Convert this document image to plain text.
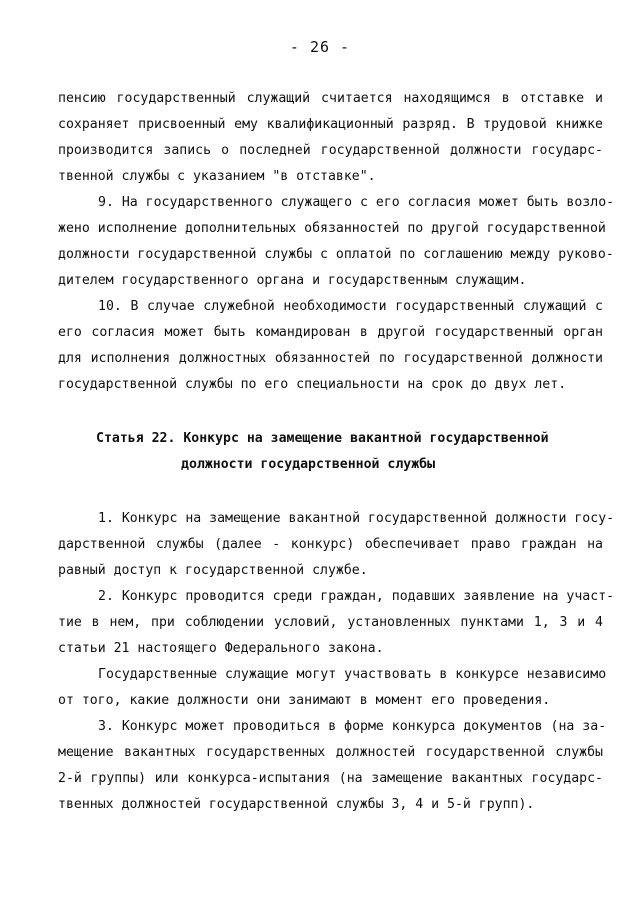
- 26 -
пенсию государственный служащий считается находящимся в отставке и
сохраняет присвоенный ему квалификационный разряд. В трудовой книжке
производится запись о последней государственной должности государс-
твенной службы с указанием "в отставке".
9. На государственного служащего с его согласия может быть возло-
жено исполнение дополнительных обязанностей по другой государственной
должности государственной службы с оплатой по соглашению между руково-
дителем государственного органа и государственным служащим.
10. В случае служебной необходимости государственный служащий с
его согласия может быть командирован в другой государственный орган
для исполнения должностных обязанностей по государственной должности
государственной службы по его специальности на срок до двух лет.
Статья 22. Конкурс на замещение вакантной государственной
должности государственной службы
1. Конкурс на замещение вакантной государственной должности госу-
дарственной службы (далее - конкурс) обеспечивает право граждан на
равный доступ к государственной службе.
2. Конкурс проводится среди граждан, подавших заявление на участ-
тие в нем, при соблюдении условий, установленных пунктами 1, 3 и 4
статьи 21 настоящего Федерального закона.
Государственные служащие могут участвовать в конкурсе независимо
от того, какие должности они занимают в момент его проведения.
3. Конкурс может проводиться в форме конкурса документов (на за-
мещение вакантных государственных должностей государственной службы
2-й группы) или конкурса-испытания (на замещение вакантных государс-
твенных должностей государственной службы 3, 4 и 5-й групп).
